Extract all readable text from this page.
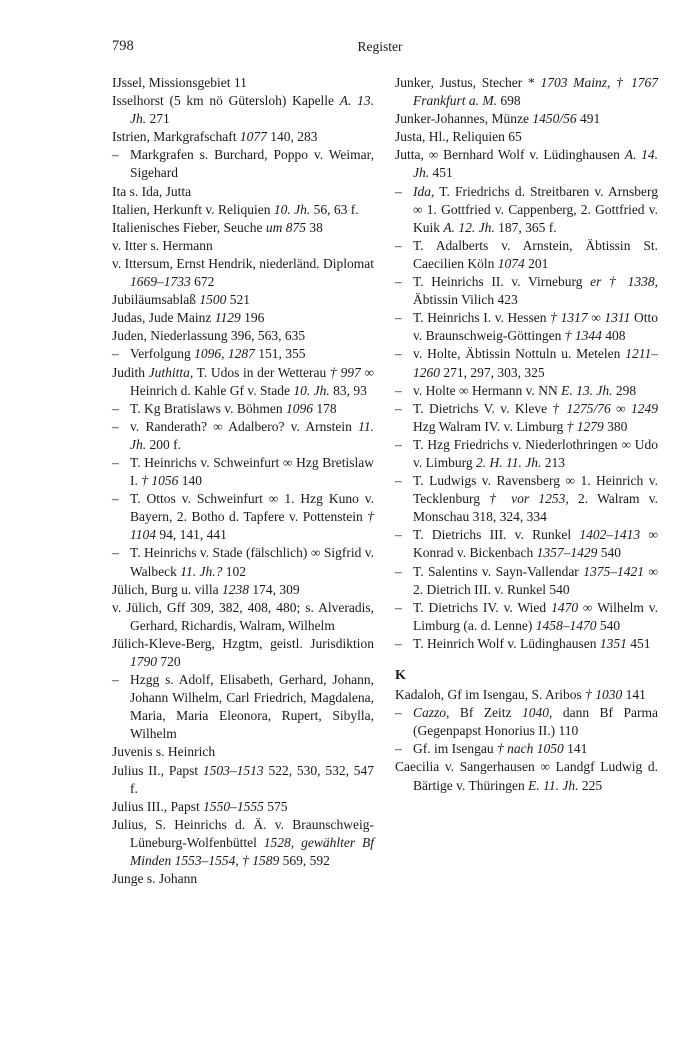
798	Register
IJssel, Missionsgebiet 11
Isselhorst (5 km nö Gütersloh) Kapelle A. 13. Jh. 271
Istrien, Markgrafschaft 1077 140, 283
– Markgrafen s. Burchard, Poppo v. Weimar, Sigehard
Ita s. Ida, Jutta
Italien, Herkunft v. Reliquien 10. Jh. 56, 63 f.
Italienisches Fieber, Seuche um 875 38
v. Itter s. Hermann
v. Ittersum, Ernst Hendrik, niederländ. Diplomat 1669–1733 672
Jubiläumsablaß 1500 521
Judas, Jude Mainz 1129 196
Juden, Niederlassung 396, 563, 635
– Verfolgung 1096, 1287 151, 355
Judith Juthitta, T. Udos in der Wetterau † 997 ∞ Heinrich d. Kahle Gf v. Stade 10. Jh. 83, 93
– T. Kg Bratislaws v. Böhmen 1096 178
– v. Randerath? ∞ Adalbero? v. Arnstein 11. Jh. 200 f.
– T. Heinrichs v. Schweinfurt ∞ Hzg Bretislaw I. † 1056 140
– T. Ottos v. Schweinfurt ∞ 1. Hzg Kuno v. Bayern, 2. Botho d. Tapfere v. Pottenstein † 1104 94, 141, 441
– T. Heinrichs v. Stade (fälschlich) ∞ Sigfrid v. Walbeck 11. Jh.? 102
Jülich, Burg u. villa 1238 174, 309
v. Jülich, Gff 309, 382, 408, 480; s. Alveradis, Gerhard, Richardis, Walram, Wilhelm
Jülich-Kleve-Berg, Hzgtm, geistl. Jurisdiktion 1790 720
– Hzgg s. Adolf, Elisabeth, Gerhard, Johann, Johann Wilhelm, Carl Friedrich, Magdalena, Maria, Maria Eleonora, Rupert, Sibylla, Wilhelm
Juvenis s. Heinrich
Julius II., Papst 1503–1513 522, 530, 532, 547 f.
Julius III., Papst 1550–1555 575
Julius, S. Heinrichs d. Ä. v. Braunschweig-Lüneburg-Wolfenbüttel 1528, gewählter Bf Minden 1553–1554, † 1589 569, 592
Junge s. Johann
Junker, Justus, Stecher * 1703 Mainz, † 1767 Frankfurt a. M. 698
Junker-Johannes, Münze 1450/56 491
Justa, Hl., Reliquien 65
Jutta, ∞ Bernhard Wolf v. Lüdinghausen A. 14. Jh. 451
– Ida, T. Friedrichs d. Streitbaren v. Arnsberg ∞ 1. Gottfried v. Cappenberg, 2. Gottfried v. Kuik A. 12. Jh. 187, 365 f.
– T. Adalberts v. Arnstein, Äbtissin St. Caecilien Köln 1074 201
– T. Heinrichs II. v. Virneburg er † 1338, Äbtissin Vilich 423
– T. Heinrichs I. v. Hessen † 1317 ∞ 1311 Otto v. Braunschweig-Göttingen † 1344 408
– v. Holte, Äbtissin Nottuln u. Metelen 1211–1260 271, 297, 303, 325
– v. Holte ∞ Hermann v. NN E. 13. Jh. 298
– T. Dietrichs V. v. Kleve † 1275/76 ∞ 1249 Hzg Walram IV. v. Limburg † 1279 380
– T. Hzg Friedrichs v. Niederlothringen ∞ Udo v. Limburg 2. H. 11. Jh. 213
– T. Ludwigs v. Ravensberg ∞ 1. Heinrich v. Tecklenburg † vor 1253, 2. Walram v. Monschau 318, 324, 334
– T. Dietrichs III. v. Runkel 1402–1413 ∞ Konrad v. Bickenbach 1357–1429 540
– T. Salentins v. Sayn-Vallendar 1375–1421 ∞ 2. Dietrich III. v. Runkel 540
– T. Dietrichs IV. v. Wied 1470 ∞ Wilhelm v. Limburg (a. d. Lenne) 1458–1470 540
– T. Heinrich Wolf v. Lüdinghausen 1351 451
K
Kadaloh, Gf im Isengau, S. Aribos † 1030 141
– Cazzo, Bf Zeitz 1040, dann Bf Parma (Gegenpapst Honorius II.) 110
– Gf. im Isengau † nach 1050 141
Caecilia v. Sangerhausen ∞ Landgf Ludwig d. Bärtige v. Thüringen E. 11. Jh. 225
